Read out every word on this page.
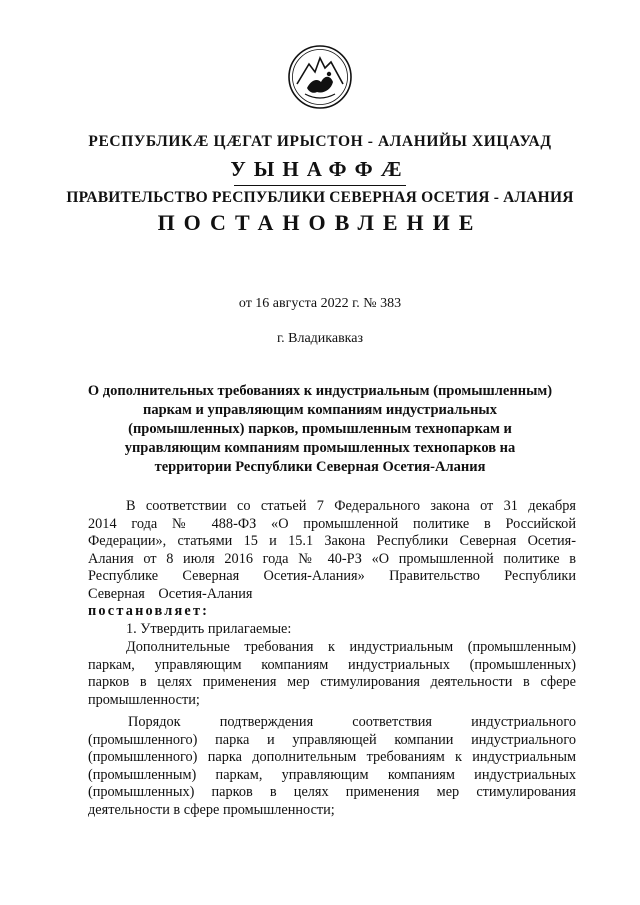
РЕСПУБЛИКӔ ЦӔГАТ ИРЫСТОН - АЛАНИЙЫ ХИЦАУАД
УЫНАФФӔ
ПРАВИТЕЛЬСТВО РЕСПУБЛИКИ СЕВЕРНАЯ ОСЕТИЯ - АЛАНИЯ
ПОСТАНОВЛЕНИЕ
от 16 августа 2022 г. № 383
г. Владикавказ
О дополнительных требованиях к индустриальным (промышленным)
паркам и управляющим компаниям индустриальных
(промышленных) парков, промышленным технопаркам и
управляющим компаниям промышленных технопарков на
территории Республики Северная Осетия-Алания
В соответствии со статьей 7 Федерального закона от 31 декабря
2014 года № 488-ФЗ «О промышленной политике в Российской
Федерации», статьями 15 и 15.1 Закона Республики Северная Осетия-
Алания от 8 июля 2016 года № 40-РЗ «О промышленной политике в
Республике Северная Осетия-Алания» Правительство Республики
Северная Осетия-Алания
постановляет:
1. Утвердить прилагаемые:
Дополнительные требования к индустриальным (промышленным)
паркам, управляющим компаниям индустриальных (промышленных)
парков в целях применения мер стимулирования деятельности в сфере
промышленности;
Порядок подтверждения соответствия индустриального
(промышленного) парка и управляющей компании индустриального
(промышленного) парка дополнительным требованиям к индустриальным
(промышленным) паркам, управляющим компаниям индустриальных
(промышленных) парков в целях применения мер стимулирования
деятельности в сфере промышленности;
